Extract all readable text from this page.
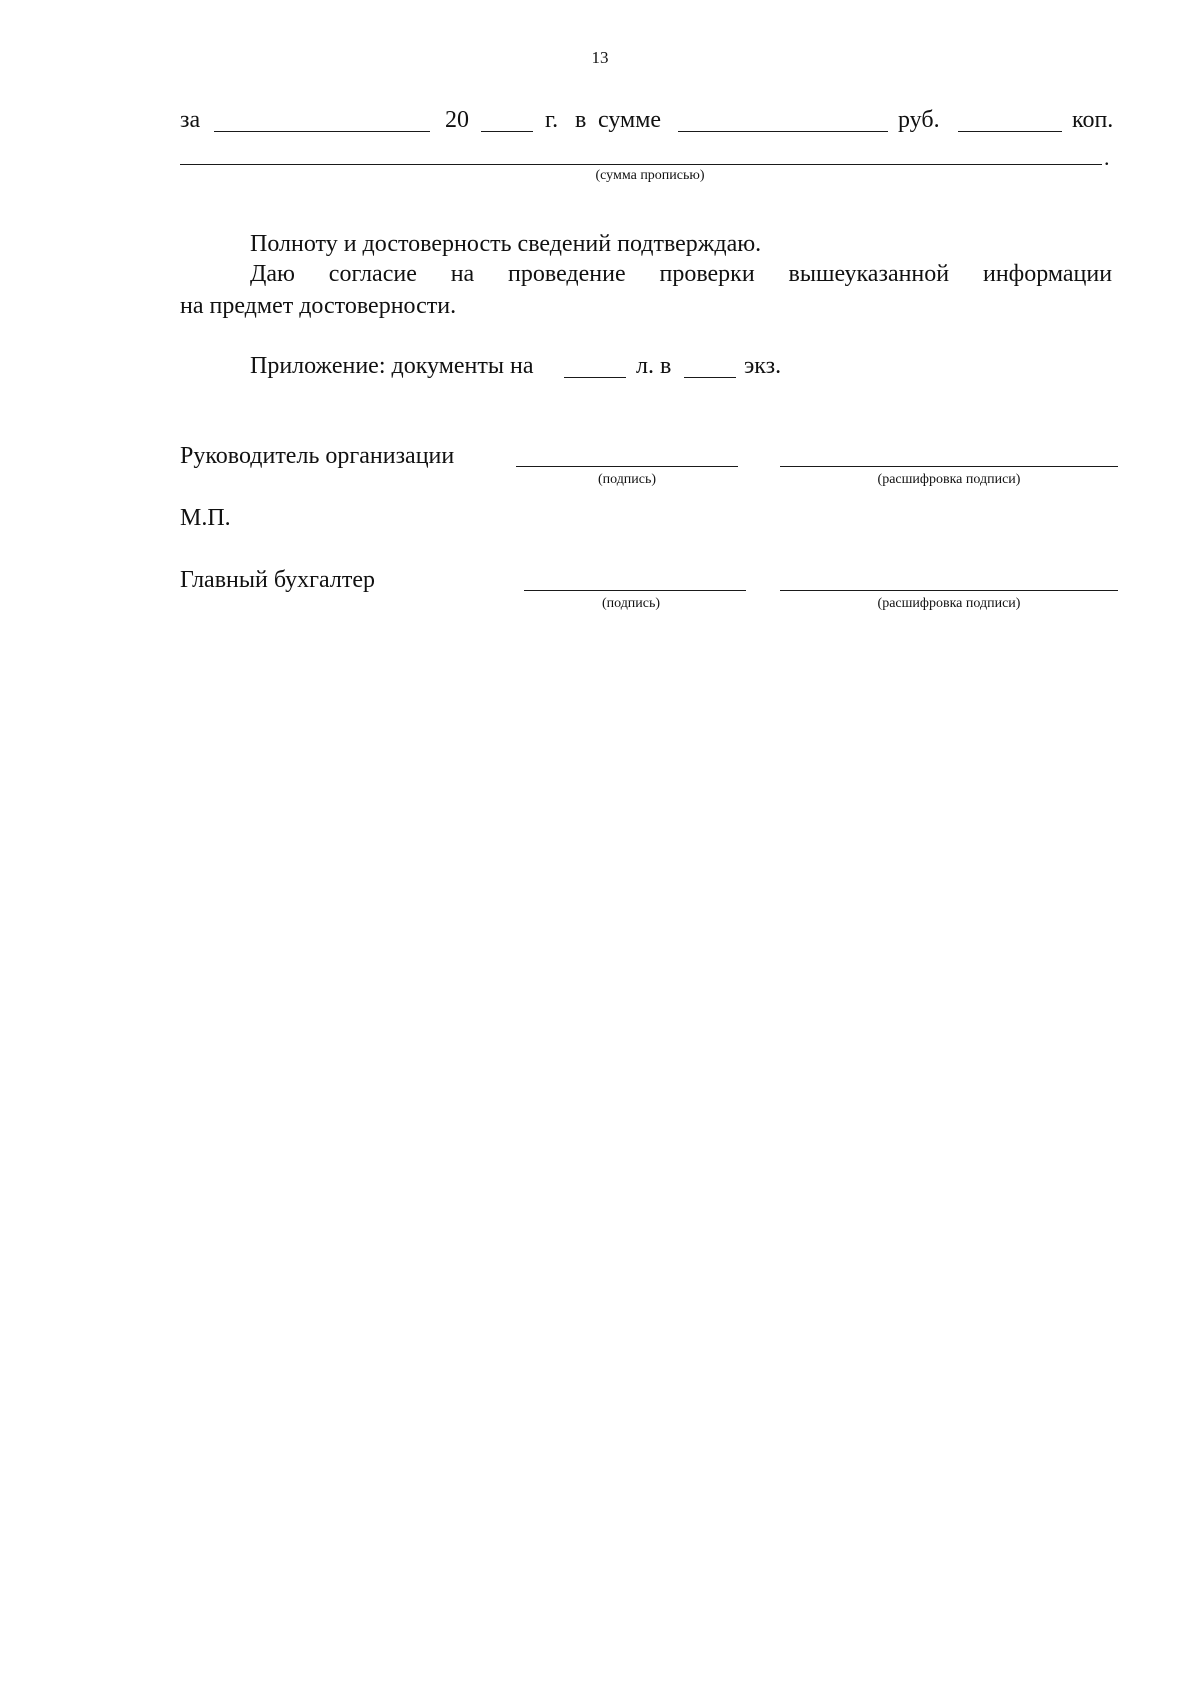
13
за	20	г. в сумме	руб.	коп.
.
(сумма прописью)
Полноту и достоверность сведений подтверждаю.
Даю согласие на проведение проверки вышеуказанной информации
на предмет достоверности.
Приложение: документы на	л. в	экз.
Руководитель организации
(подпись)	(расшифровка подписи)
М.П.
Главный бухгалтер
(подпись)	(расшифровка подписи)
